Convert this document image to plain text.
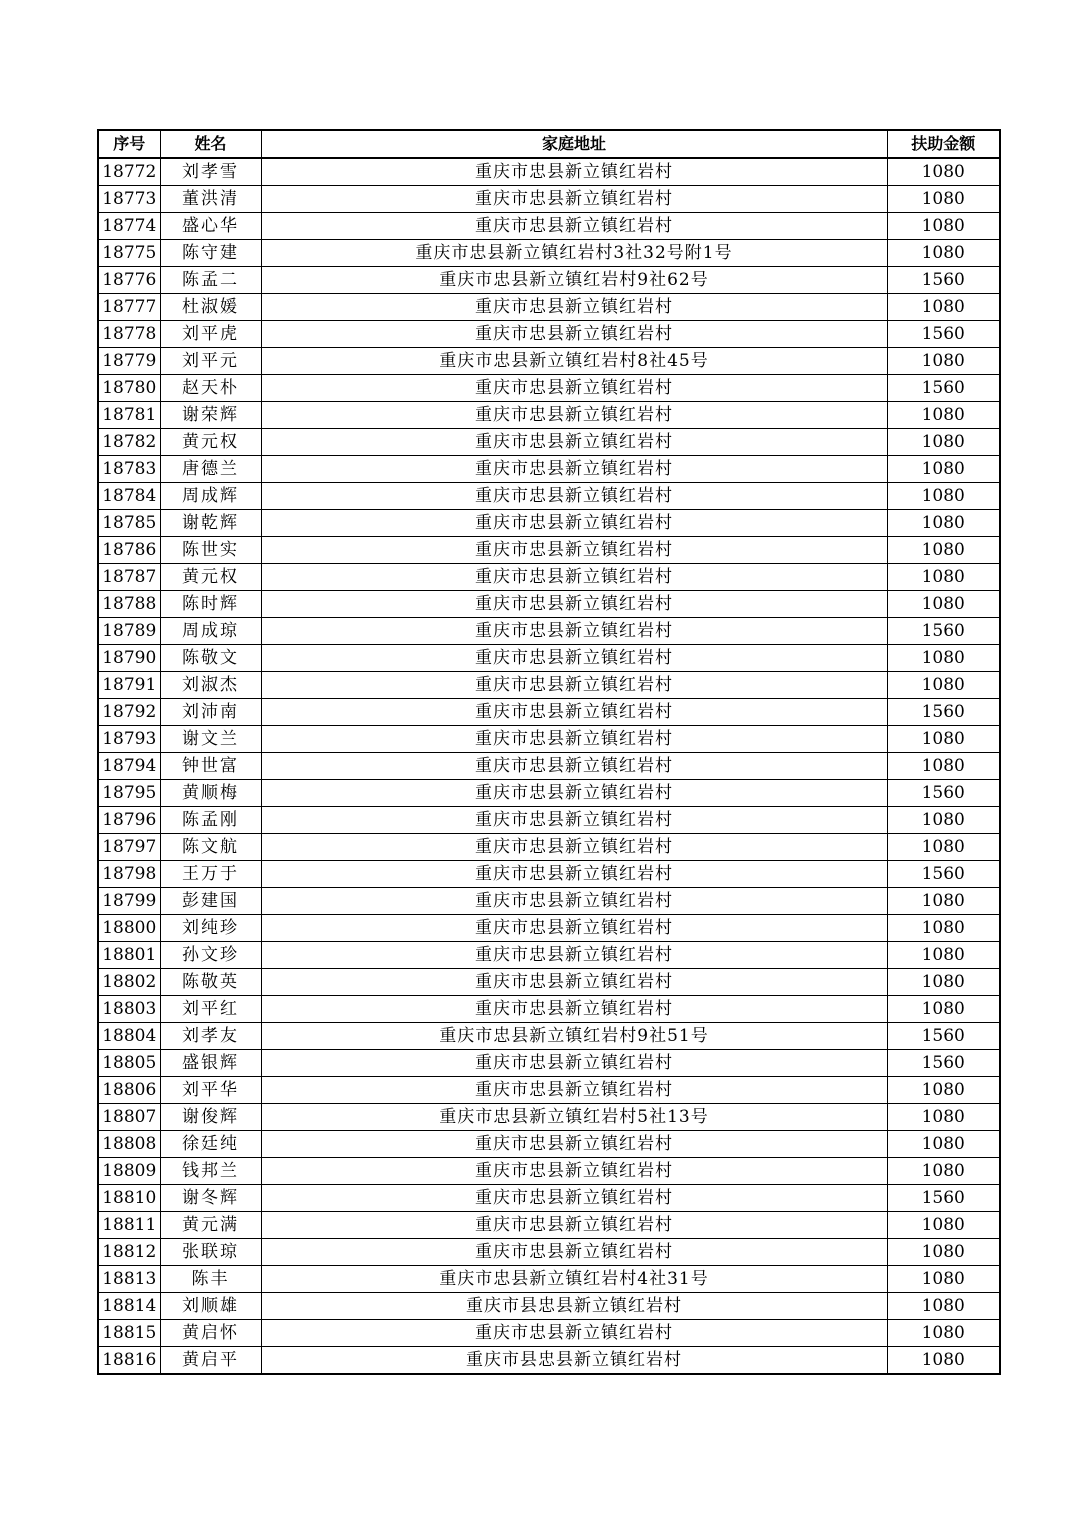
序号	姓名	家庭地址	扶助金额
18772	刘孝雪	重庆市忠县新立镇红岩村	1080
18773	董洪清	重庆市忠县新立镇红岩村	1080
18774	盛心华	重庆市忠县新立镇红岩村	1080
18775	陈守建	重庆市忠县新立镇红岩村3社32号附1号	1080
18776	陈孟二	重庆市忠县新立镇红岩村9社62号	1560
18777	杜淑媛	重庆市忠县新立镇红岩村	1080
18778	刘平虎	重庆市忠县新立镇红岩村	1560
18779	刘平元	重庆市忠县新立镇红岩村8社45号	1080
18780	赵天朴	重庆市忠县新立镇红岩村	1560
18781	谢荣辉	重庆市忠县新立镇红岩村	1080
18782	黄元权	重庆市忠县新立镇红岩村	1080
18783	唐德兰	重庆市忠县新立镇红岩村	1080
18784	周成辉	重庆市忠县新立镇红岩村	1080
18785	谢乾辉	重庆市忠县新立镇红岩村	1080
18786	陈世实	重庆市忠县新立镇红岩村	1080
18787	黄元权	重庆市忠县新立镇红岩村	1080
18788	陈时辉	重庆市忠县新立镇红岩村	1080
18789	周成琼	重庆市忠县新立镇红岩村	1560
18790	陈敬文	重庆市忠县新立镇红岩村	1080
18791	刘淑杰	重庆市忠县新立镇红岩村	1080
18792	刘沛南	重庆市忠县新立镇红岩村	1560
18793	谢文兰	重庆市忠县新立镇红岩村	1080
18794	钟世富	重庆市忠县新立镇红岩村	1080
18795	黄顺梅	重庆市忠县新立镇红岩村	1560
18796	陈孟刚	重庆市忠县新立镇红岩村	1080
18797	陈文航	重庆市忠县新立镇红岩村	1080
18798	王万于	重庆市忠县新立镇红岩村	1560
18799	彭建国	重庆市忠县新立镇红岩村	1080
18800	刘纯珍	重庆市忠县新立镇红岩村	1080
18801	孙文珍	重庆市忠县新立镇红岩村	1080
18802	陈敬英	重庆市忠县新立镇红岩村	1080
18803	刘平红	重庆市忠县新立镇红岩村	1080
18804	刘孝友	重庆市忠县新立镇红岩村9社51号	1560
18805	盛银辉	重庆市忠县新立镇红岩村	1560
18806	刘平华	重庆市忠县新立镇红岩村	1080
18807	谢俊辉	重庆市忠县新立镇红岩村5社13号	1080
18808	徐廷纯	重庆市忠县新立镇红岩村	1080
18809	钱邦兰	重庆市忠县新立镇红岩村	1080
18810	谢冬辉	重庆市忠县新立镇红岩村	1560
18811	黄元满	重庆市忠县新立镇红岩村	1080
18812	张联琼	重庆市忠县新立镇红岩村	1080
18813	陈丰	重庆市忠县新立镇红岩村4社31号	1080
18814	刘顺雄	重庆市县忠县新立镇红岩村	1080
18815	黄启怀	重庆市忠县新立镇红岩村	1080
18816	黄启平	重庆市县忠县新立镇红岩村	1080
